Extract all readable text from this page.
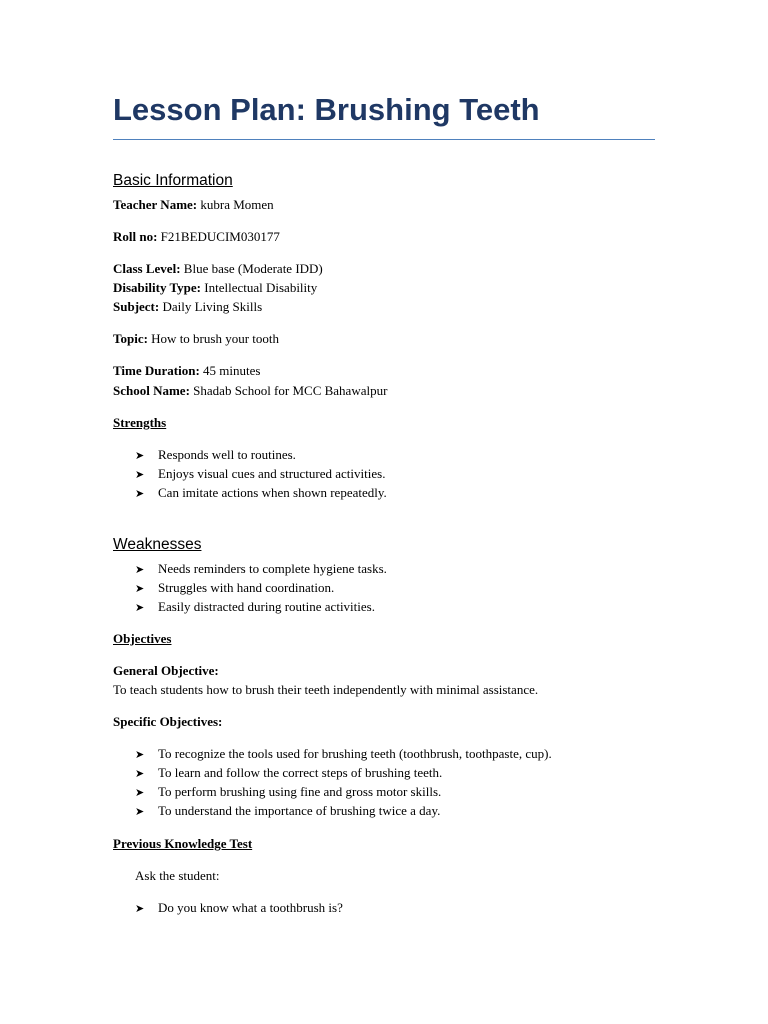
Lesson Plan: Brushing Teeth
Basic Information
Teacher Name: kubra Momen
Roll no: F21BEDUCIM030177
Class Level: Blue base (Moderate IDD)
Disability Type: Intellectual Disability
Subject: Daily Living Skills
Topic: How to brush your tooth
Time Duration: 45 minutes
School Name: Shadab School for MCC Bahawalpur
Strengths
➤ Responds well to routines.
➤ Enjoys visual cues and structured activities.
➤ Can imitate actions when shown repeatedly.
Weaknesses
➤ Needs reminders to complete hygiene tasks.
➤ Struggles with hand coordination.
➤ Easily distracted during routine activities.
Objectives
General Objective:
To teach students how to brush their teeth independently with minimal assistance.
Specific Objectives:
➤ To recognize the tools used for brushing teeth (toothbrush, toothpaste, cup).
➤ To learn and follow the correct steps of brushing teeth.
➤ To perform brushing using fine and gross motor skills.
➤ To understand the importance of brushing twice a day.
Previous Knowledge Test
Ask the student:
➤ Do you know what a toothbrush is?
